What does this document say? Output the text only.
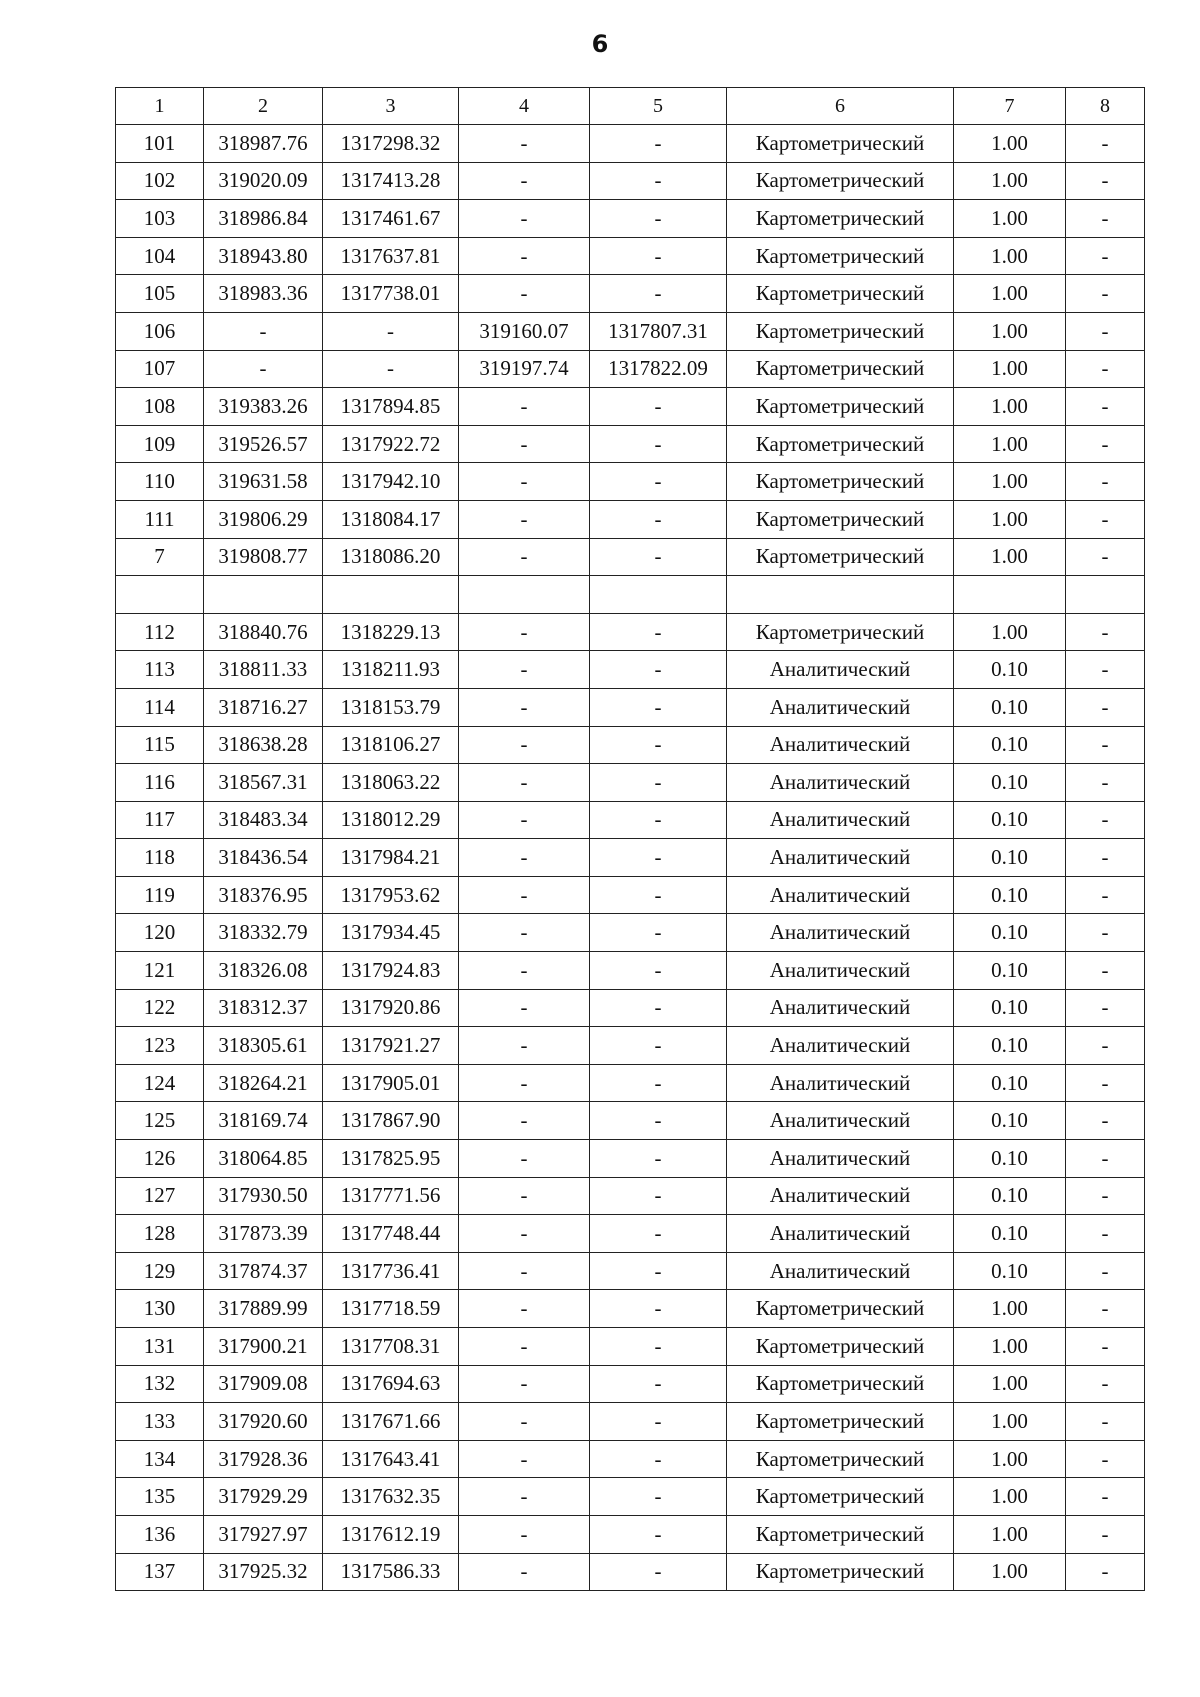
6
1	2	3	4	5	6	7	8
101	318987.76	1317298.32	-	-	Картометрический	1.00	-
102	319020.09	1317413.28	-	-	Картометрический	1.00	-
103	318986.84	1317461.67	-	-	Картометрический	1.00	-
104	318943.80	1317637.81	-	-	Картометрический	1.00	-
105	318983.36	1317738.01	-	-	Картометрический	1.00	-
106	-	-	319160.07	1317807.31	Картометрический	1.00	-
107	-	-	319197.74	1317822.09	Картометрический	1.00	-
108	319383.26	1317894.85	-	-	Картометрический	1.00	-
109	319526.57	1317922.72	-	-	Картометрический	1.00	-
110	319631.58	1317942.10	-	-	Картометрический	1.00	-
111	319806.29	1318084.17	-	-	Картометрический	1.00	-
7	319808.77	1318086.20	-	-	Картометрический	1.00	-

112	318840.76	1318229.13	-	-	Картометрический	1.00	-
113	318811.33	1318211.93	-	-	Аналитический	0.10	-
114	318716.27	1318153.79	-	-	Аналитический	0.10	-
115	318638.28	1318106.27	-	-	Аналитический	0.10	-
116	318567.31	1318063.22	-	-	Аналитический	0.10	-
117	318483.34	1318012.29	-	-	Аналитический	0.10	-
118	318436.54	1317984.21	-	-	Аналитический	0.10	-
119	318376.95	1317953.62	-	-	Аналитический	0.10	-
120	318332.79	1317934.45	-	-	Аналитический	0.10	-
121	318326.08	1317924.83	-	-	Аналитический	0.10	-
122	318312.37	1317920.86	-	-	Аналитический	0.10	-
123	318305.61	1317921.27	-	-	Аналитический	0.10	-
124	318264.21	1317905.01	-	-	Аналитический	0.10	-
125	318169.74	1317867.90	-	-	Аналитический	0.10	-
126	318064.85	1317825.95	-	-	Аналитический	0.10	-
127	317930.50	1317771.56	-	-	Аналитический	0.10	-
128	317873.39	1317748.44	-	-	Аналитический	0.10	-
129	317874.37	1317736.41	-	-	Аналитический	0.10	-
130	317889.99	1317718.59	-	-	Картометрический	1.00	-
131	317900.21	1317708.31	-	-	Картометрический	1.00	-
132	317909.08	1317694.63	-	-	Картометрический	1.00	-
133	317920.60	1317671.66	-	-	Картометрический	1.00	-
134	317928.36	1317643.41	-	-	Картометрический	1.00	-
135	317929.29	1317632.35	-	-	Картометрический	1.00	-
136	317927.97	1317612.19	-	-	Картометрический	1.00	-
137	317925.32	1317586.33	-	-	Картометрический	1.00	-
